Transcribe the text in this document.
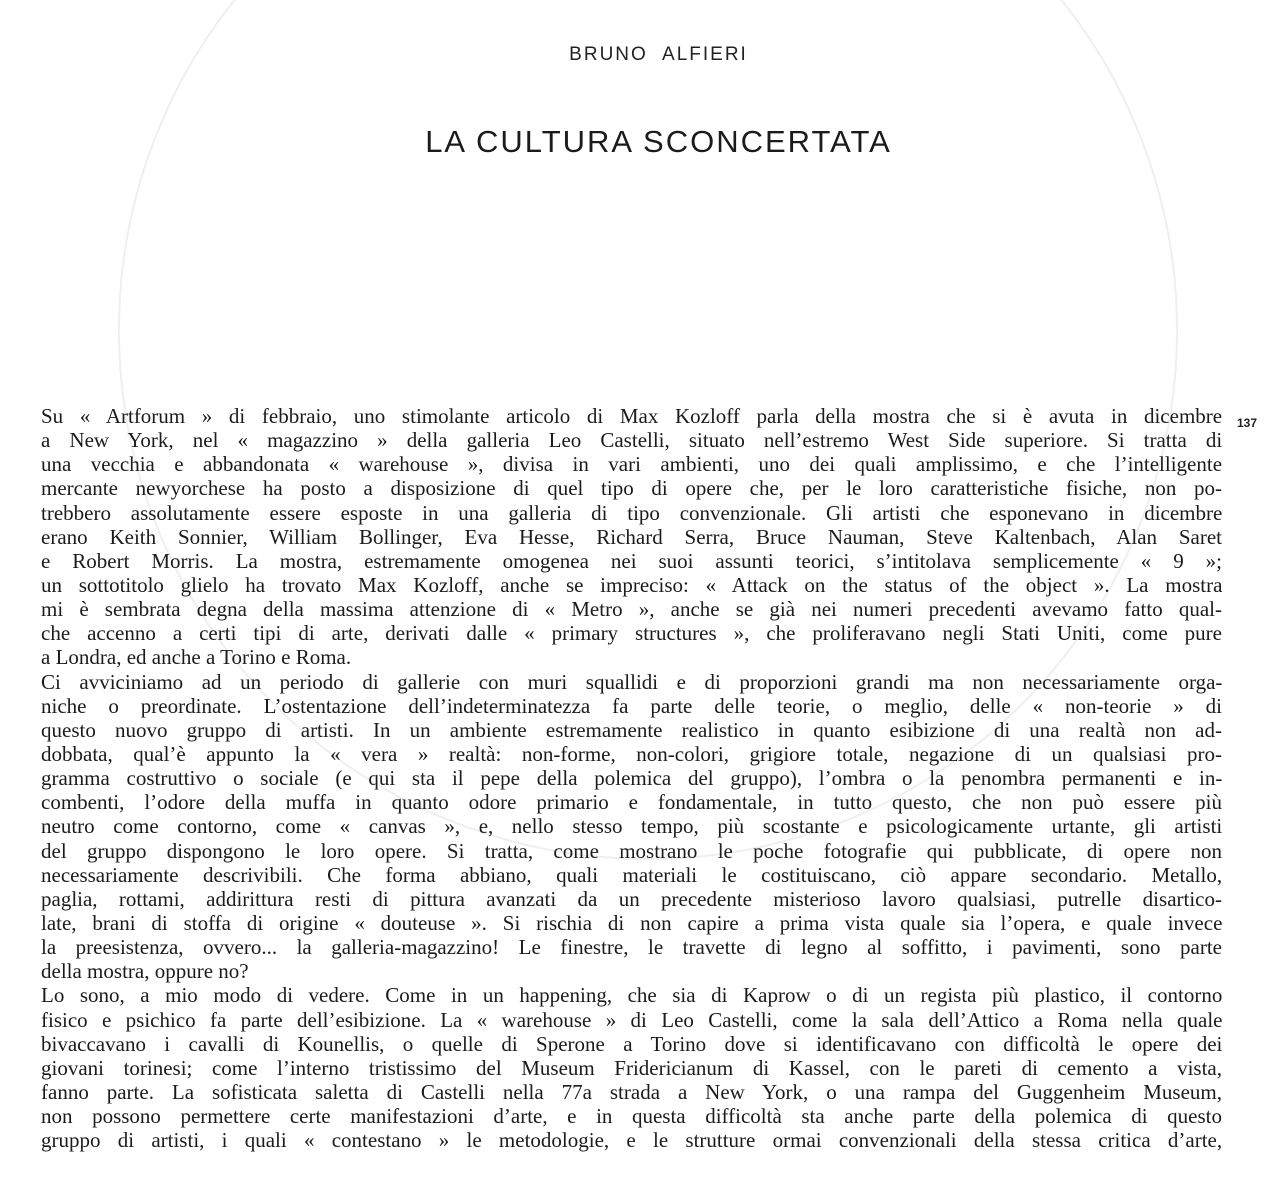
BRUNO ALFIERI
LA CULTURA SCONCERTATA
137
Su « Artforum » di febbraio, uno stimolante articolo di Max Kozloff parla della mostra che si è avuta in dicembre
a New York, nel « magazzino » della galleria Leo Castelli, situato nell’estremo West Side superiore. Si tratta di
una vecchia e abbandonata « warehouse », divisa in vari ambienti, uno dei quali amplissimo, e che l’intelligente
mercante newyorchese ha posto a disposizione di quel tipo di opere che, per le loro caratteristiche fisiche, non po-
trebbero assolutamente essere esposte in una galleria di tipo convenzionale. Gli artisti che esponevano in dicembre
erano Keith Sonnier, William Bollinger, Eva Hesse, Richard Serra, Bruce Nauman, Steve Kaltenbach, Alan Saret
e Robert Morris. La mostra, estremamente omogenea nei suoi assunti teorici, s’intitolava semplicemente « 9 »;
un sottotitolo glielo ha trovato Max Kozloff, anche se impreciso: « Attack on the status of the object ». La mostra
mi è sembrata degna della massima attenzione di « Metro », anche se già nei numeri precedenti avevamo fatto qual-
che accenno a certi tipi di arte, derivati dalle « primary structures », che proliferavano negli Stati Uniti, come pure
a Londra, ed anche a Torino e Roma.
Ci avviciniamo ad un periodo di gallerie con muri squallidi e di proporzioni grandi ma non necessariamente orga-
niche o preordinate. L’ostentazione dell’indeterminatezza fa parte delle teorie, o meglio, delle « non-teorie » di
questo nuovo gruppo di artisti. In un ambiente estremamente realistico in quanto esibizione di una realtà non ad-
dobbata, qual’è appunto la « vera » realtà: non-forme, non-colori, grigiore totale, negazione di un qualsiasi pro-
gramma costruttivo o sociale (e qui sta il pepe della polemica del gruppo), l’ombra o la penombra permanenti e in-
combenti, l’odore della muffa in quanto odore primario e fondamentale, in tutto questo, che non può essere più
neutro come contorno, come « canvas », e, nello stesso tempo, più scostante e psicologicamente urtante, gli artisti
del gruppo dispongono le loro opere. Si tratta, come mostrano le poche fotografie qui pubblicate, di opere non
necessariamente descrivibili. Che forma abbiano, quali materiali le costituiscano, ciò appare secondario. Metallo,
paglia, rottami, addirittura resti di pittura avanzati da un precedente misterioso lavoro qualsiasi, putrelle disartico-
late, brani di stoffa di origine « douteuse ». Si rischia di non capire a prima vista quale sia l’opera, e quale invece
la preesistenza, ovvero... la galleria-magazzino! Le finestre, le travette di legno al soffitto, i pavimenti, sono parte
della mostra, oppure no?
Lo sono, a mio modo di vedere. Come in un happening, che sia di Kaprow o di un regista più plastico, il contorno
fisico e psichico fa parte dell’esibizione. La « warehouse » di Leo Castelli, come la sala dell’Attico a Roma nella quale
bivaccavano i cavalli di Kounellis, o quelle di Sperone a Torino dove si identificavano con difficoltà le opere dei
giovani torinesi; come l’interno tristissimo del Museum Fridericianum di Kassel, con le pareti di cemento a vista,
fanno parte. La sofisticata saletta di Castelli nella 77a strada a New York, o una rampa del Guggenheim Museum,
non possono permettere certe manifestazioni d’arte, e in questa difficoltà sta anche parte della polemica di questo
gruppo di artisti, i quali « contestano » le metodologie, e le strutture ormai convenzionali della stessa critica d’arte,
